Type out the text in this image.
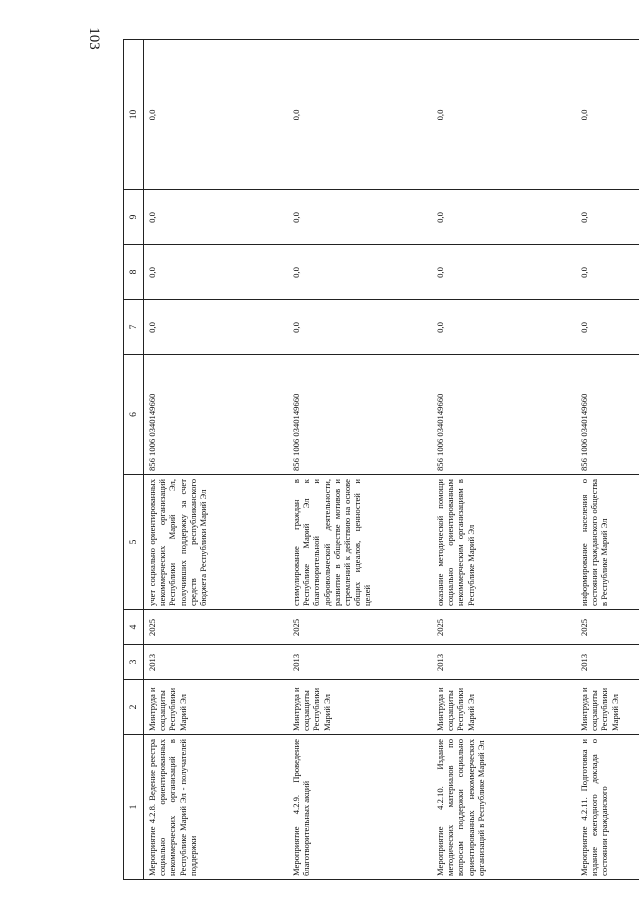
103
1	2	3	4	5	6	7	8	9	10
Мероприятие 4.2.8. Ведение реестра социально ориентированных некоммерческих организаций в Республике Марий Эл - получателей поддержки	Минтруда и соцзащиты Республики Марий Эл	2013	2025	учет социально ориентированных некоммерческих организаций Республики Марий Эл, получивших поддержку за счет средств республиканского бюджета Республики Марий Эл	856 1006 0340149660	0,0	0,0	0,0	0,0
Мероприятие 4.2.9. Проведение благотворительных акций	Минтруда и соцзащиты Республики Марий Эл	2013	2025	стимулирование граждан в Республике Марий Эл к благотворительной и добровольческой деятельности, развитие в обществе мотивов и стремлений к действию на основе общих идеалов, ценностей и целей	856 1006 0340149660	0,0	0,0	0,0	0,0
Мероприятие 4.2.10. Издание методических материалов по вопросам поддержки социально ориентированных некоммерческих организаций в Республике Марий Эл	Минтруда и соцзащиты Республики Марий Эл	2013	2025	оказание методической помощи социально ориентированным некоммерческим организациям в Республике Марий Эл	856 1006 0340149660	0,0	0,0	0,0	0,0
Мероприятие 4.2.11. Подготовка и издание ежегодного доклада о состоянии гражданского	Минтруда и соцзащиты Республики Марий Эл	2013	2025	информирование населения о состоянии гражданского общества в Республике Марий Эл	856 1006 0340149660	0,0	0,0	0,0	0,0
